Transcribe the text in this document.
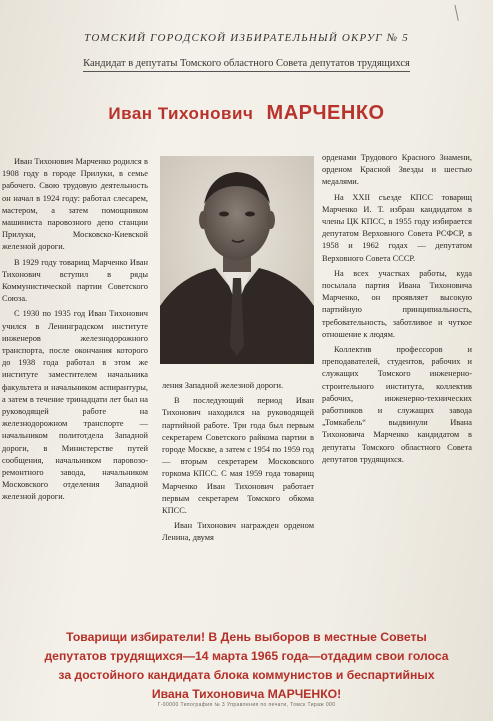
ТОМСКИЙ ГОРОДСКОЙ ИЗБИРАТЕЛЬНЫЙ ОКРУГ № 5
Кандидат в депутаты Томского областного Совета депутатов трудящихся
Иван Тихонович МАРЧЕНКО

Иван Тихонович Марченко родился в 1908 году в городе Прилуки, в семье рабочего. Свою трудовую деятельность он начал в 1924 году: работал слесарем, мастером, а затем помощником машиниста паровозного депо станции Прилуки, Московско-Киевской железной дороги.

В 1929 году товарищ Марченко Иван Тихонович вступил в ряды Коммунистической партии Советского Союза.

С 1930 по 1935 год Иван Тихонович учился в Ленинградском институте инженеров железнодорожного транспорта, после окончания которого до 1938 года работал в этом же институте заместителем начальника факультета и начальником аспирантуры, а затем в течение тринадцати лет был на руководящей работе на железнодорожном транспорте — начальником политотдела Западной дороги, в Министерстве путей сообщения, начальником паровозо-ремонтного завода, начальником Московского отделения Западной железной дороги.

ления Западной железной дороги.

В последующий период Иван Тихонович находился на руководящей партийной работе. Три года был первым секретарем Советского райкома партии в городе Москве, а затем с 1954 по 1959 год — вторым секретарем Московского горкома КПСС. С мая 1959 года товарищ Марченко Иван Тихонович работает первым секретарем Томского обкома КПСС.

Иван Тихонович награжден орденом Ленина, двумя

орденами Трудового Красного Знамени, орденом Красной Звезды и шестью медалями.

На XXII съезде КПСС товарищ Марченко И. Т. избран кандидатом в члены ЦК КПСС, в 1955 году избирается депутатом Верховного Совета РСФСР, в 1958 и 1962 годах — депутатом Верховного Совета СССР.

На всех участках работы, куда посылала партия Ивана Тихоновича Марченко, он проявляет высокую партийную принципиальность, требовательность, заботливое и чуткое отношение к людям.

Коллектив профессоров и преподавателей, студентов, рабочих и служащих Томского инженерно-строительного института, коллектив рабочих, инженерно-технических работников и служащих завода „Томкабель“ выдвинули Ивана Тихоновича Марченко кандидатом в депутаты Томского областного Совета депутатов трудящихся.

Товарищи избиратели! В День выборов в местные Советы
депутатов трудящихся—14 марта 1965 года—отдадим свои голоса
за достойного кандидата блока коммунистов и беспартийных
Ивана Тихоновича МАРЧЕНКО!
Г-00000 Типография № 3 Управления по печати, Томск Тираж 000
